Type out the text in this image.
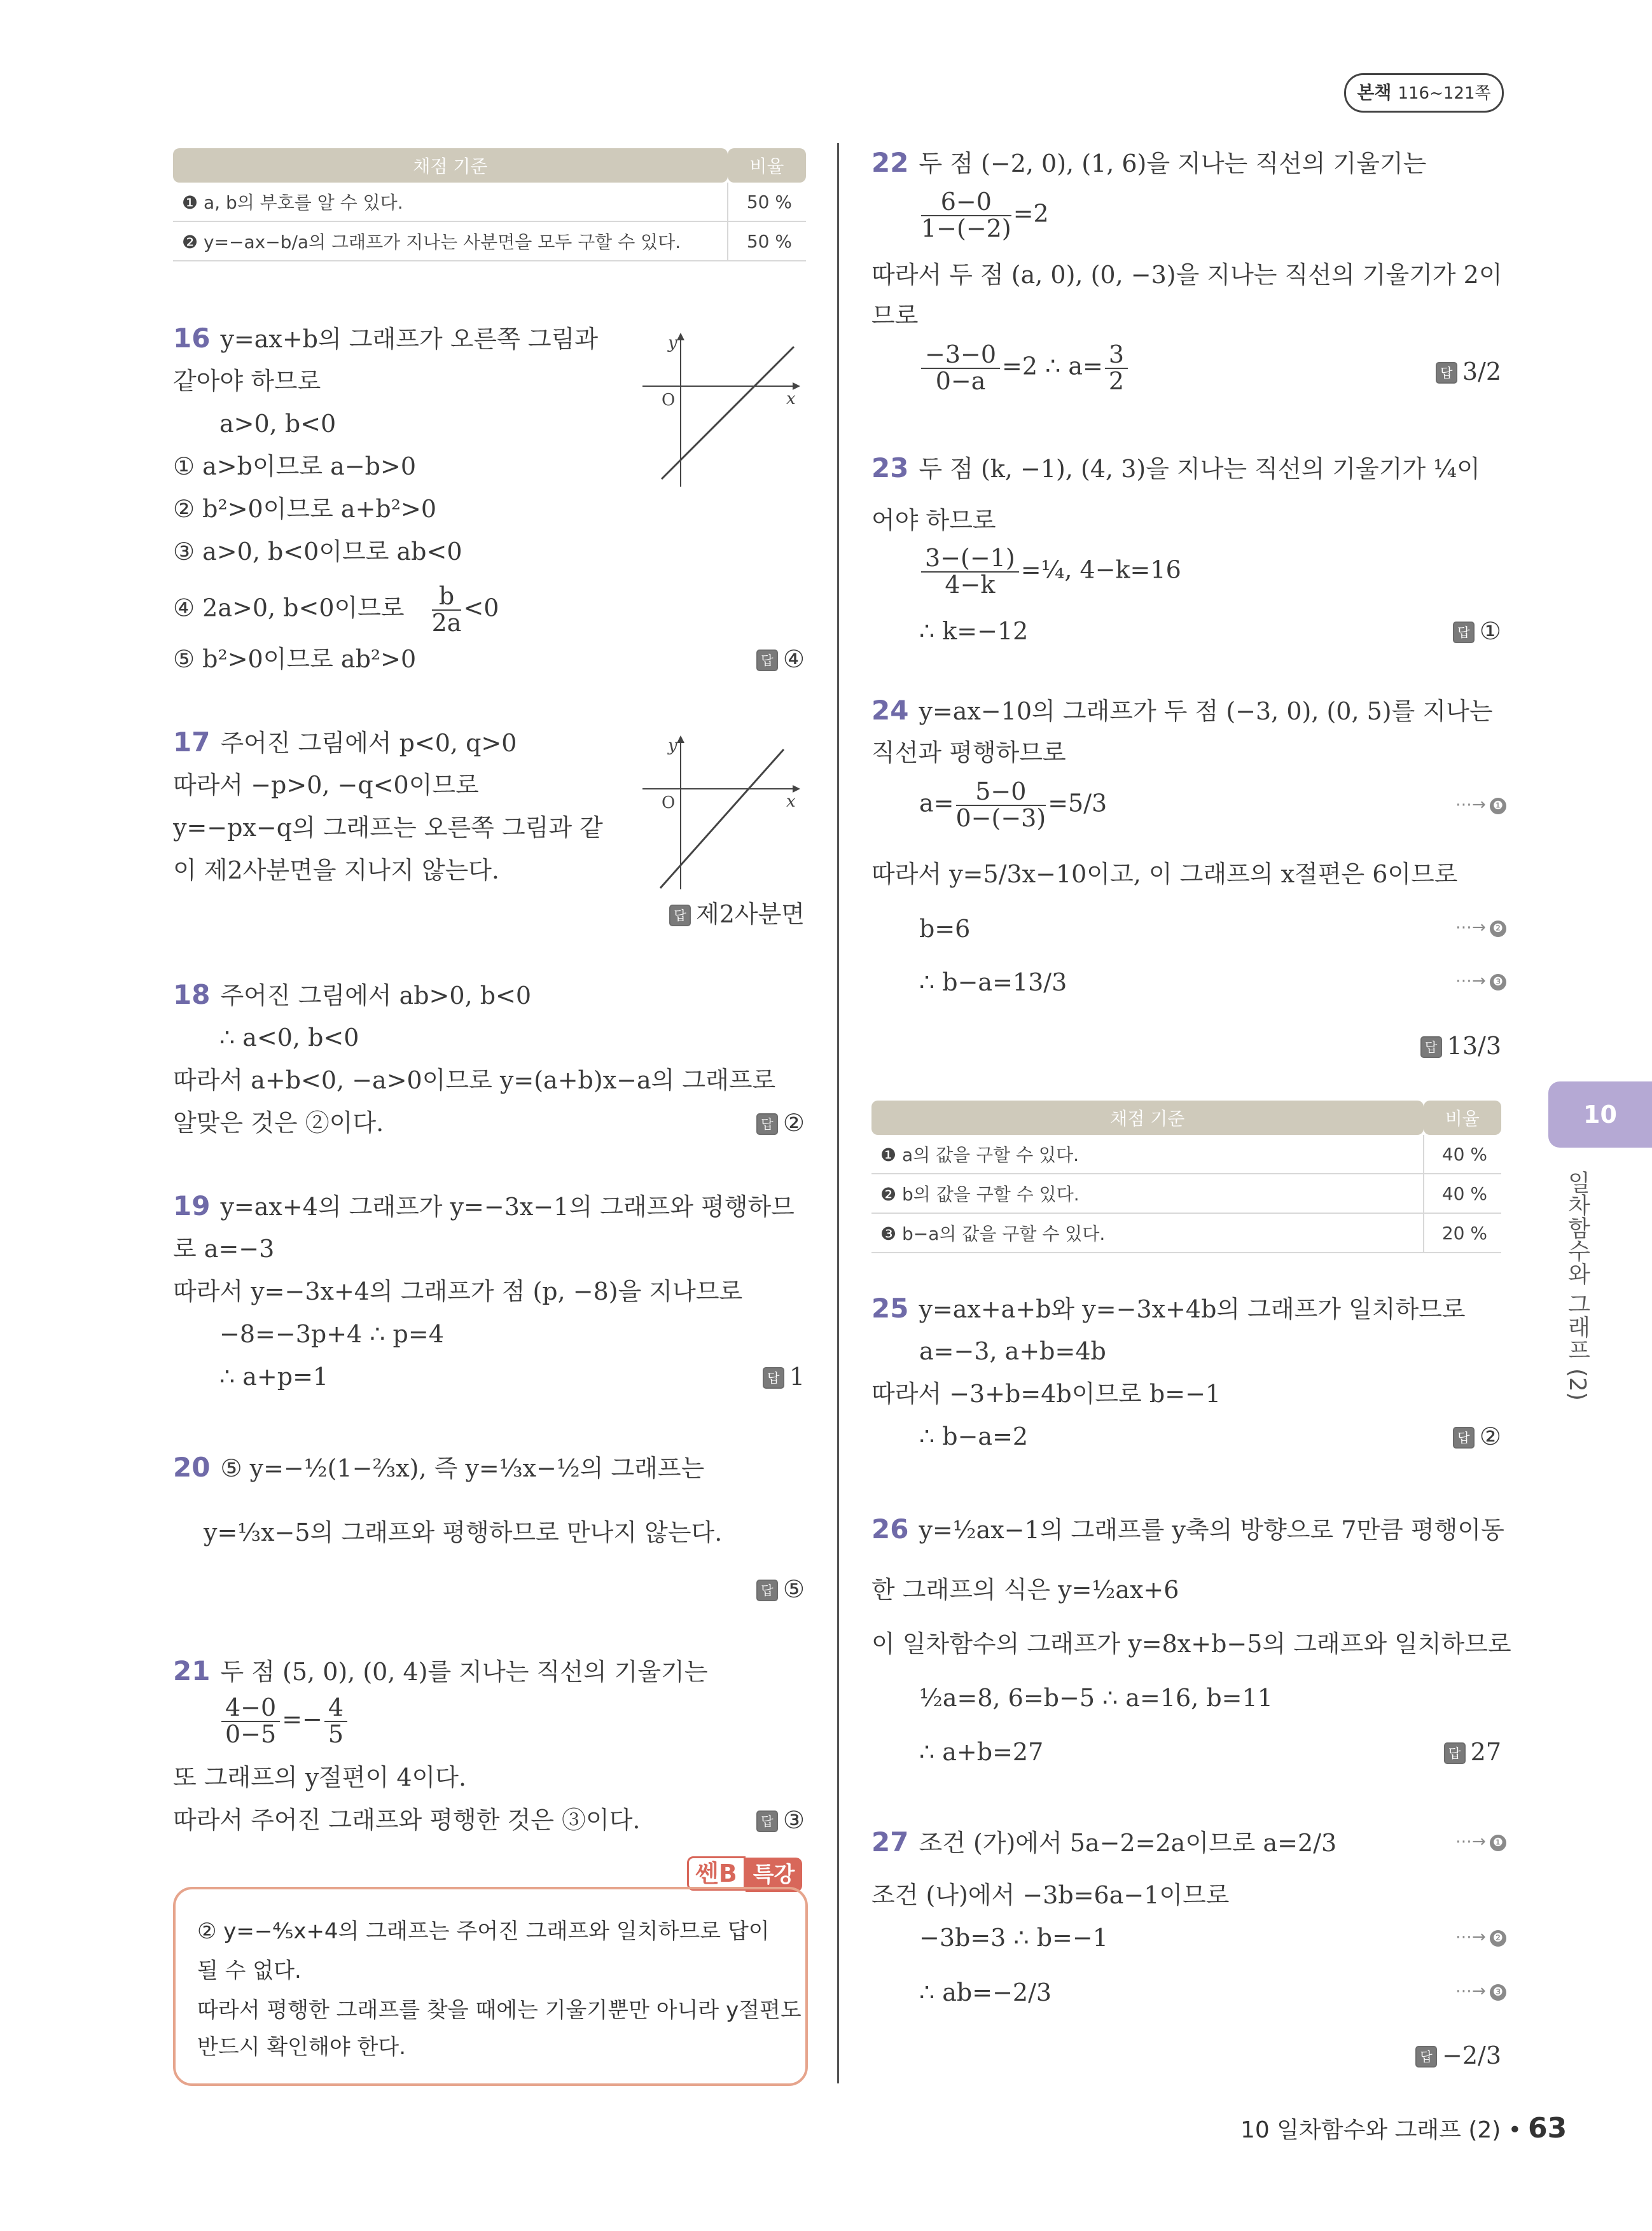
본책 116~121쪽
채점 기준	비율
❶ a, b의 부호를 알 수 있다.	50 %
❷ y=−ax−b/a의 그래프가 지나는 사분면을 모두 구할 수 있다.	50 %
16 y=ax+b의 그래프가 오른쪽 그림과
같아야 하므로
a>0, b<0
① a>b이므로 a−b>0
② b²>0이므로 a+b²>0
③ a>0, b<0이므로 ab<0
④ 2a>0, b<0이므로 $\frac{b}{2a} <0$
⑤ b²>0이므로 ab²>0	답 ④
y
x
O
17 주어진 그림에서 p<0, q>0
따라서 −p>0, −q<0이므로
y=−px−q의 그래프는 오른쪽 그림과 같
이 제2사분면을 지나지 않는다.
답 제2사분면
y
x
O
18 주어진 그림에서 ab>0, b<0
∴ a<0, b<0
따라서 a+b<0, −a>0이므로 y=(a+b)x−a의 그래프로
알맞은 것은 ②이다.	답 ②
19 y=ax+4의 그래프가 y=−3x−1의 그래프와 평행하므
로 a=−3
따라서 y=−3x+4의 그래프가 점 (p, −8)을 지나므로
−8=−3p+4 ∴ p=4
∴ a+p=1	답 1
20 ⑤ y=−½(1−⅔x), 즉 y=⅓x−½의 그래프는
y=⅓x−5의 그래프와 평행하므로 만나지 않는다.
답 ⑤
21 두 점 (5, 0), (0, 4)를 지나는 직선의 기울기는
$\frac{4-0}{0-5} =- \frac{4}{5}$
또 그래프의 y절편이 4이다.
따라서 주어진 그래프와 평행한 것은 ③이다.	답 ③
쎈B 특강
② y=−⁴⁄₅x+4의 그래프는 주어진 그래프와 일치하므로 답이
될 수 없다.
따라서 평행한 그래프를 찾을 때에는 기울기뿐만 아니라 y절편도
반드시 확인해야 한다.
22 두 점 (−2, 0), (1, 6)을 지나는 직선의 기울기는
$\frac{6-0}{1-(-2)} =2$
따라서 두 점 (a, 0), (0, −3)을 지나는 직선의 기울기가 2이
므로
$\frac{-3-0}{0-a} =2$ ∴ $a= \frac{3}{2}$	답 3/2
23 두 점 (k, −1), (4, 3)을 지나는 직선의 기울기가 ¼이
어야 하므로
$\frac{3-(-1)}{4-k}$ =¼, 4−k=16
∴ k=−12	답 ①
24 y=ax−10의 그래프가 두 점 (−3, 0), (0, 5)를 지나는
직선과 평행하므로
$a= \frac{5-0}{0-(-3)} =5/3$	⋯→ ❶
따라서 y=5/3x−10이고, 이 그래프의 x절편은 6이므로
b=6	⋯→ ❷
∴ b−a=13/3	⋯→ ❸
답 13/3
채점 기준	비율
❶ a의 값을 구할 수 있다.	40 %
❷ b의 값을 구할 수 있다.	40 %
❸ b−a의 값을 구할 수 있다.	20 %
25 y=ax+a+b와 y=−3x+4b의 그래프가 일치하므로
a=−3, a+b=4b
따라서 −3+b=4b이므로 b=−1
∴ b−a=2	답 ②
26 y=½ax−1의 그래프를 y축의 방향으로 7만큼 평행이동
한 그래프의 식은 y=½ax+6
이 일차함수의 그래프가 y=8x+b−5의 그래프와 일치하므로
½a=8, 6=b−5 ∴ a=16, b=11
∴ a+b=27	답 27
27 조건 (가)에서 5a−2=2a이므로 a=2/3	⋯→ ❶
조건 (나)에서 −3b=6a−1이므로
−3b=3 ∴ b=−1	⋯→ ❷
∴ ab=−2/3	⋯→ ❸
답 −2/3
10
일차함수와 그래프 (2)
10 일차함수와 그래프 (2) • 63
